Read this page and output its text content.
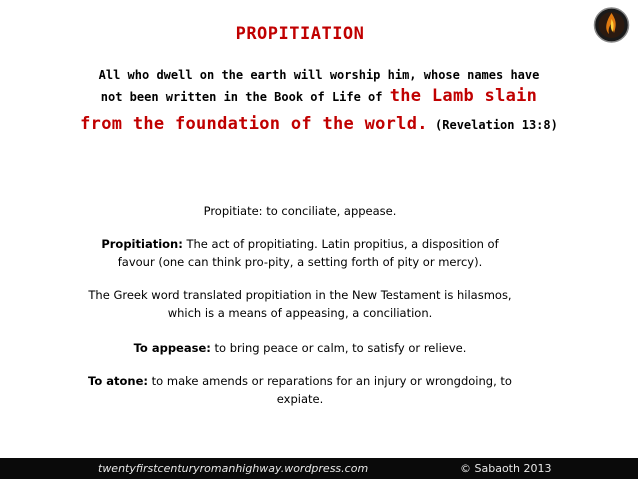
PROPITIATION
All who dwell on the earth will worship him, whose names have
not been written in the Book of Life of the Lamb slain
from the foundation of the world. (Revelation 13:8)
Propitiate: to conciliate, appease.
Propitiation: The act of propitiating. Latin propitius, a disposition of
favour (one can think pro-pity, a setting forth of pity or mercy).
The Greek word translated propitiation in the New Testament is hilasmos,
which is a means of appeasing, a conciliation.
To appease: to bring peace or calm, to satisfy or relieve.
To atone: to make amends or reparations for an injury or wrongdoing, to
expiate.
twentyfirstcenturyromanhighway.wordpress.com	© Sabaoth 2013
